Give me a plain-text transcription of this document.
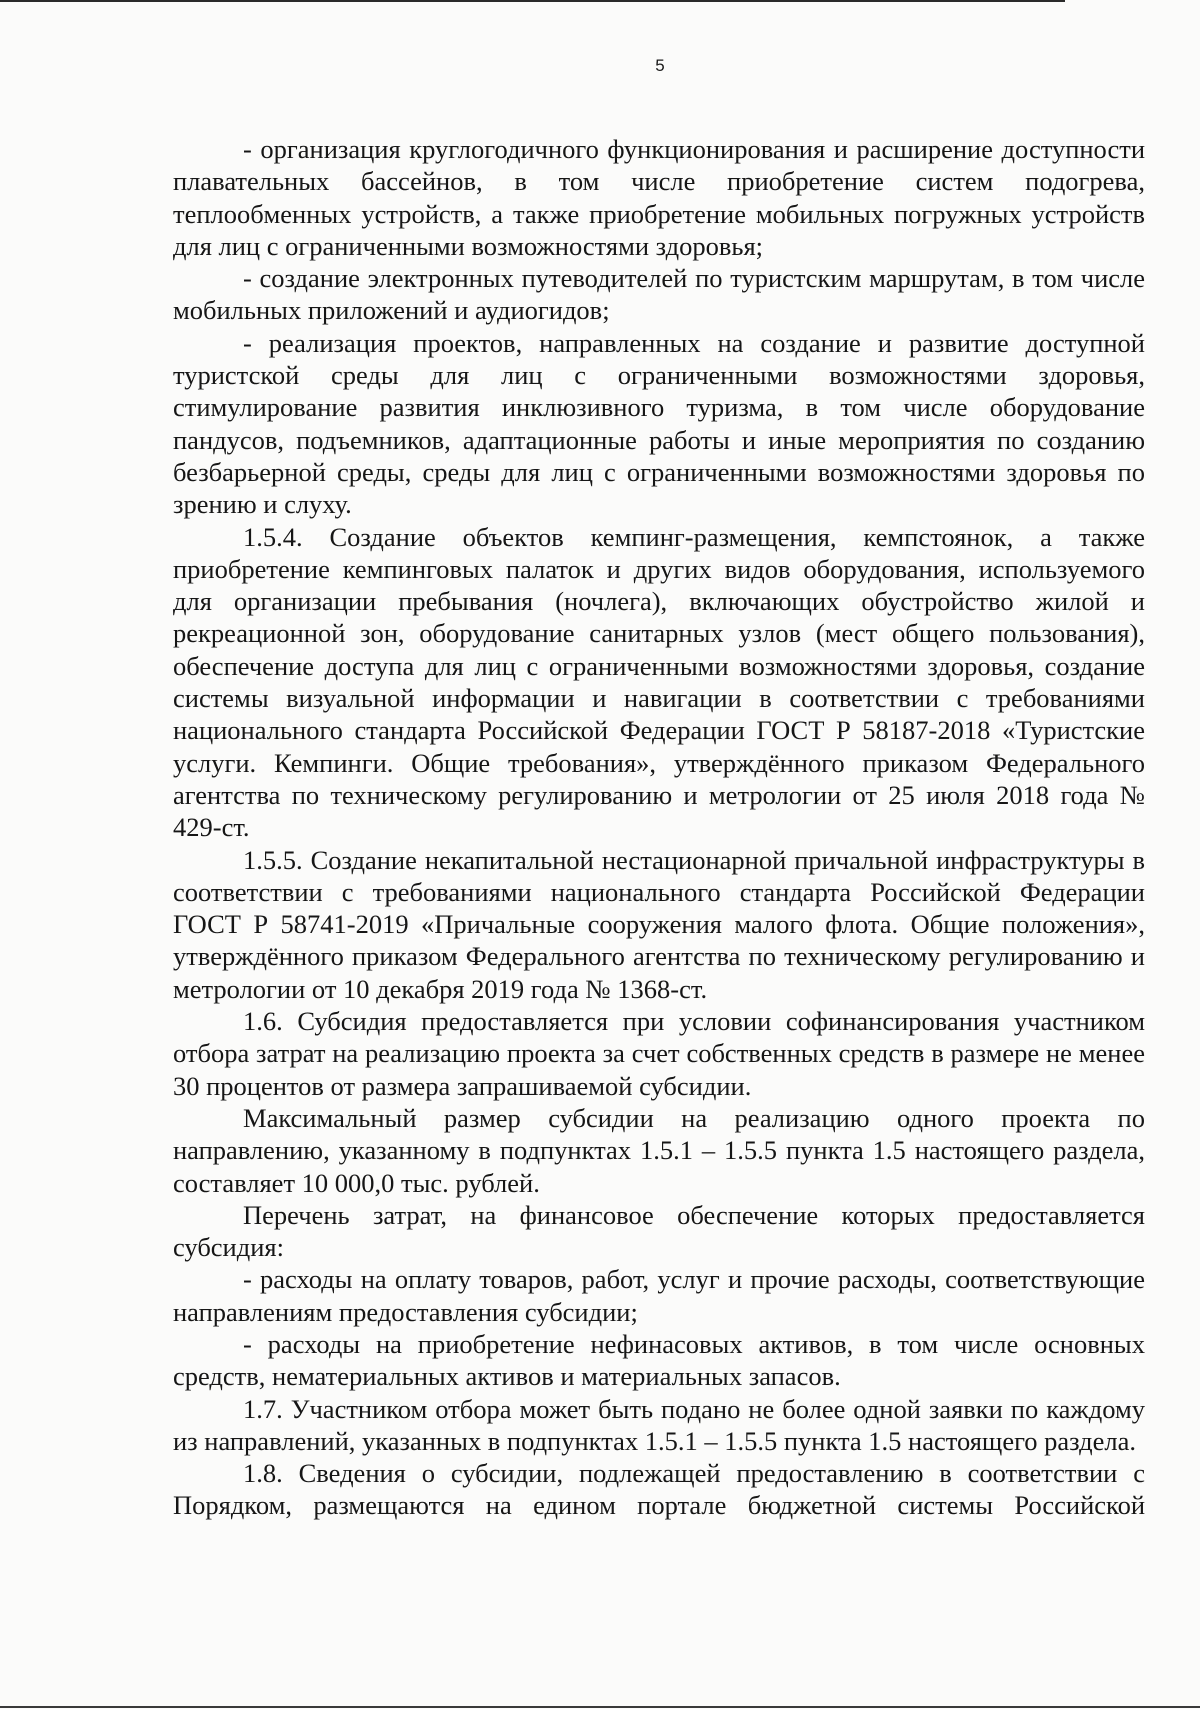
5

- организация круглогодичного функционирования и расширение доступности плавательных бассейнов, в том числе приобретение систем подогрева, теплообменных устройств, а также приобретение мобильных погружных устройств для лиц с ограниченными возможностями здоровья;

- создание электронных путеводителей по туристским маршрутам, в том числе мобильных приложений и аудиогидов;

- реализация проектов, направленных на создание и развитие доступной туристской среды для лиц с ограниченными возможностями здоровья, стимулирование развития инклюзивного туризма, в том числе оборудование пандусов, подъемников, адаптационные работы и иные мероприятия по созданию безбарьерной среды, среды для лиц с ограниченными возможностями здоровья по зрению и слуху.

1.5.4. Создание объектов кемпинг-размещения, кемпстоянок, а также приобретение кемпинговых палаток и других видов оборудования, используемого для организации пребывания (ночлега), включающих обустройство жилой и рекреационной зон, оборудование санитарных узлов (мест общего пользования), обеспечение доступа для лиц с ограниченными возможностями здоровья, создание системы визуальной информации и навигации в соответствии с требованиями национального стандарта Российской Федерации ГОСТ Р 58187-2018 «Туристские услуги. Кемпинги. Общие требования», утверждённого приказом Федерального агентства по техническому регулированию и метрологии от 25 июля 2018 года № 429-ст.

1.5.5. Создание некапитальной нестационарной причальной инфраструктуры в соответствии с требованиями национального стандарта Российской Федерации ГОСТ Р 58741-2019 «Причальные сооружения малого флота. Общие положения», утверждённого приказом Федерального агентства по техническому регулированию и метрологии от 10 декабря 2019 года № 1368-ст.

1.6. Субсидия предоставляется при условии софинансирования участником отбора затрат на реализацию проекта за счет собственных средств в размере не менее 30 процентов от размера запрашиваемой субсидии.

Максимальный размер субсидии на реализацию одного проекта по направлению, указанному в подпунктах 1.5.1 – 1.5.5 пункта 1.5 настоящего раздела, составляет 10 000,0 тыс. рублей.

Перечень затрат, на финансовое обеспечение которых предоставляется субсидия:

- расходы на оплату товаров, работ, услуг и прочие расходы, соответствующие направлениям предоставления субсидии;

- расходы на приобретение нефинасовых активов, в том числе основных средств, нематериальных активов и материальных запасов.

1.7. Участником отбора может быть подано не более одной заявки по каждому из направлений, указанных в подпунктах 1.5.1 – 1.5.5 пункта 1.5 настоящего раздела.

1.8. Сведения о субсидии, подлежащей предоставлению в соответствии с Порядком, размещаются на едином портале бюджетной системы Российской
